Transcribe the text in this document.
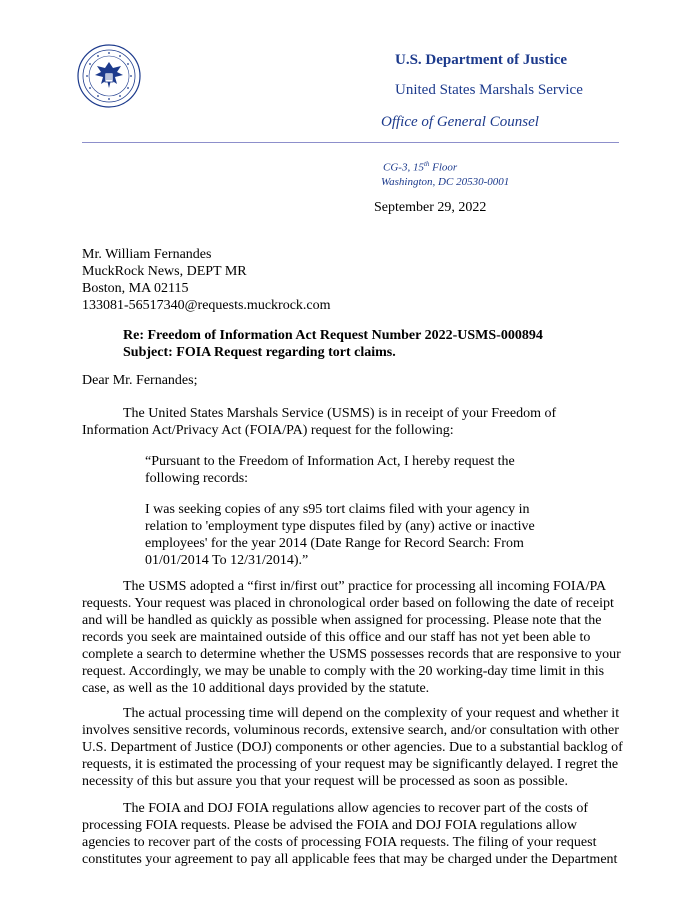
U.S. Department of Justice
United States Marshals Service
Office of General Counsel
CG-3, 15th Floor
Washington, DC 20530-0001
September 29, 2022
Mr. William Fernandes
MuckRock News, DEPT MR
Boston, MA 02115
133081-56517340@requests.muckrock.com
Re: Freedom of Information Act Request Number 2022-USMS-000894
Subject: FOIA Request regarding tort claims.
Dear Mr. Fernandes;
The United States Marshals Service (USMS) is in receipt of your Freedom of
Information Act/Privacy Act (FOIA/PA) request for the following:
“Pursuant to the Freedom of Information Act, I hereby request the
following records:
I was seeking copies of any s95 tort claims filed with your agency in
relation to 'employment type disputes filed by (any) active or inactive
employees' for the year 2014 (Date Range for Record Search: From
01/01/2014 To 12/31/2014).”
The USMS adopted a “first in/first out” practice for processing all incoming FOIA/PA
requests. Your request was placed in chronological order based on following the date of receipt
and will be handled as quickly as possible when assigned for processing. Please note that the
records you seek are maintained outside of this office and our staff has not yet been able to
complete a search to determine whether the USMS possesses records that are responsive to your
request. Accordingly, we may be unable to comply with the 20 working-day time limit in this
case, as well as the 10 additional days provided by the statute.
The actual processing time will depend on the complexity of your request and whether it
involves sensitive records, voluminous records, extensive search, and/or consultation with other
U.S. Department of Justice (DOJ) components or other agencies. Due to a substantial backlog of
requests, it is estimated the processing of your request may be significantly delayed. I regret the
necessity of this but assure you that your request will be processed as soon as possible.
The FOIA and DOJ FOIA regulations allow agencies to recover part of the costs of
processing FOIA requests. Please be advised the FOIA and DOJ FOIA regulations allow
agencies to recover part of the costs of processing FOIA requests. The filing of your request
constitutes your agreement to pay all applicable fees that may be charged under the Department
